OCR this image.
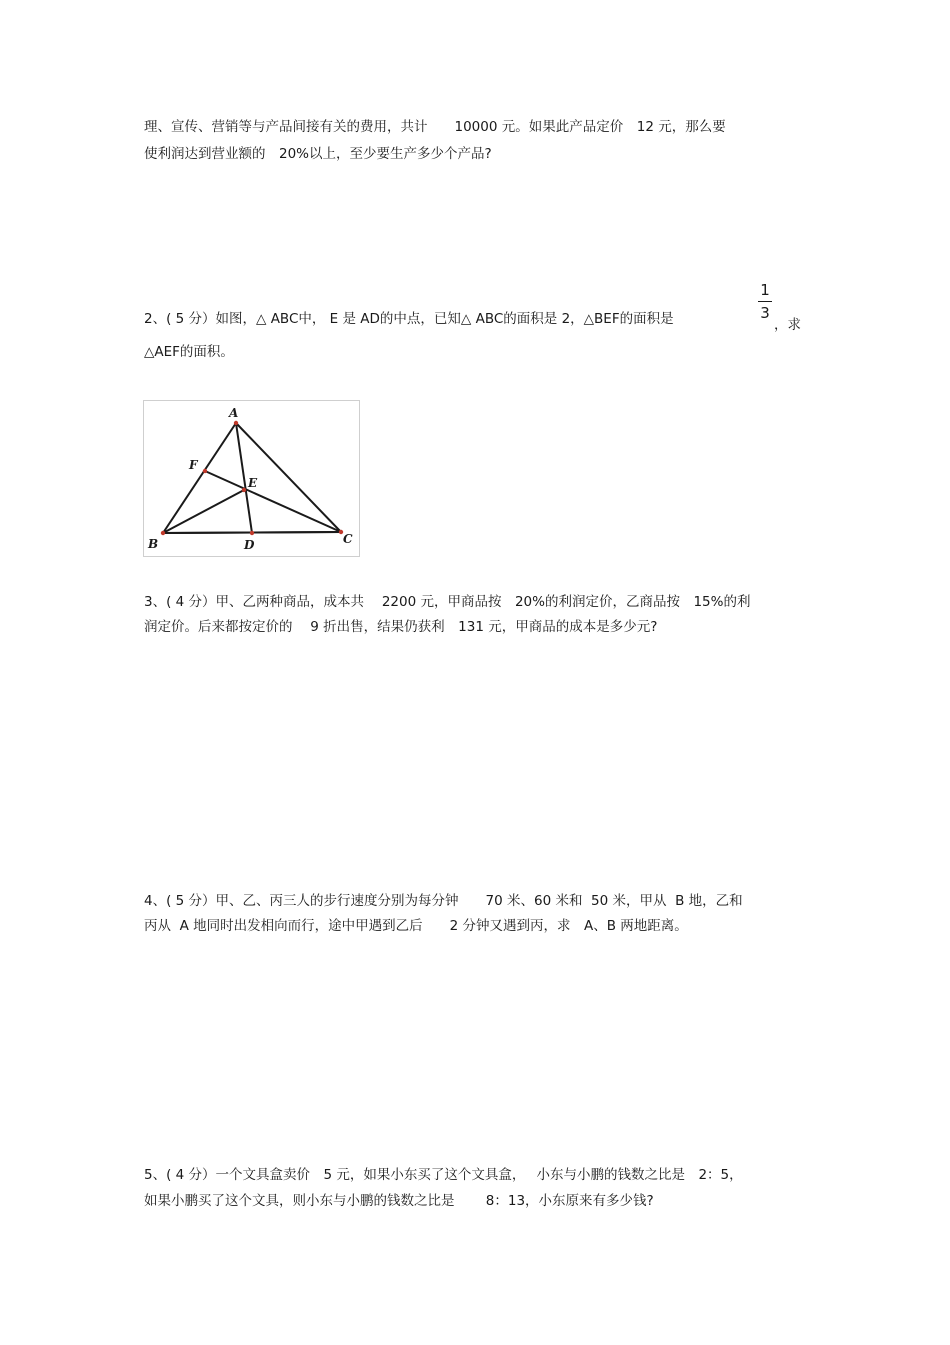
理、宣传、营销等与产品间接有关的费用，共计　　10000 元。如果此产品定价　12 元，那么要
使利润达到营业额的　20%以上，至少要生产多少个产品?
2、( 5 分）如图，△ ABC中， E 是 AD的中点，已知△ ABC的面积是 2，△BEF的面积是
1
3
，求
△AEF的面积。
A
B	C
D
E
F
3、( 4 分）甲、乙两种商品，成本共　 2200 元，甲商品按　20%的利润定价，乙商品按　15%的利
润定价。后来都按定价的　 9 折出售，结果仍获利　131 元，甲商品的成本是多少元?
4、( 5 分）甲、乙、丙三人的步行速度分别为每分钟　　70 米、60 米和  50 米，甲从  B 地，乙和
丙从  A 地同时出发相向而行，途中甲遇到乙后　　2 分钟又遇到丙，求　A、B 两地距离。
5、( 4 分）一个文具盒卖价　5 元，如果小东买了这个文具盒，　 小东与小鹏的钱数之比是　2：5，
如果小鹏买了这个文具，则小东与小鹏的钱数之比是　　 8：13，小东原来有多少钱?
